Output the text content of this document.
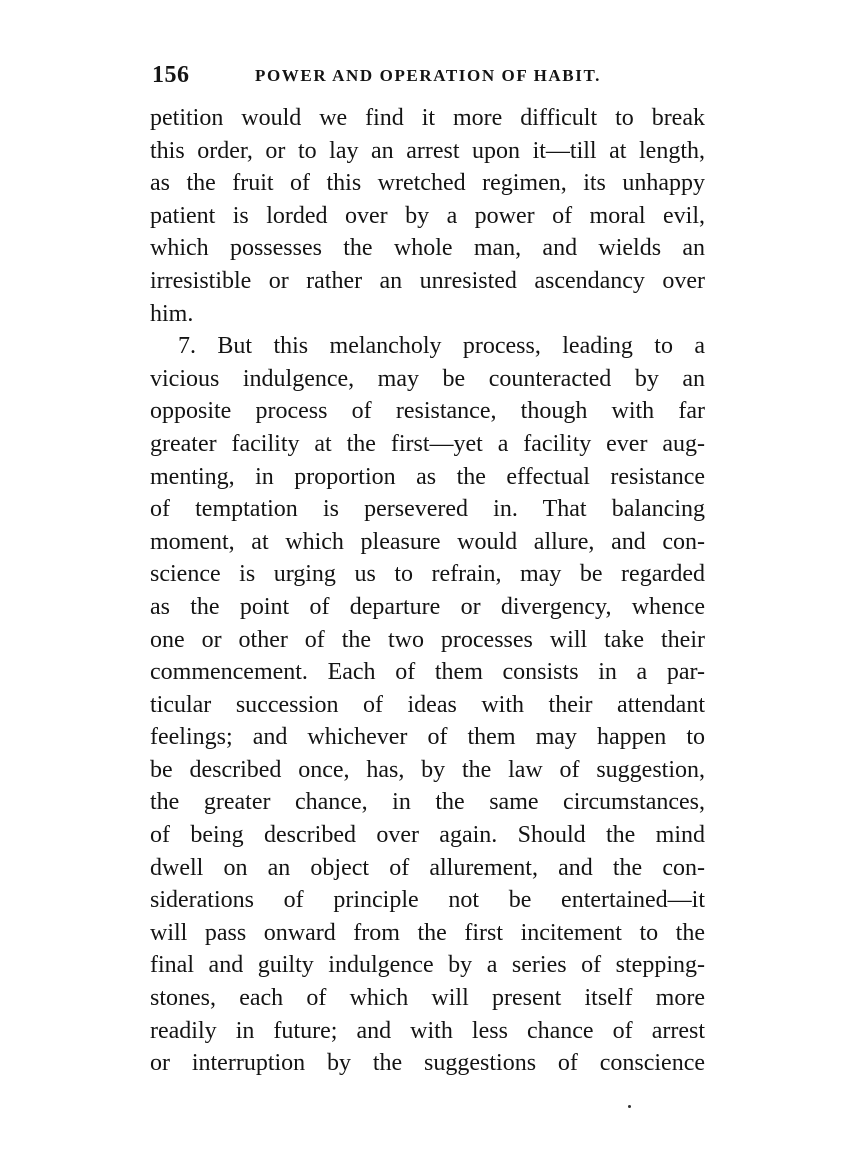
156	POWER AND OPERATION OF HABIT.
petition would we find it more difficult to break
this order, or to lay an arrest upon it—till at length,
as the fruit of this wretched regimen, its unhappy
patient is lorded over by a power of moral evil,
which possesses the whole man, and wields an
irresistible or rather an unresisted ascendancy over
him.
7. But this melancholy process, leading to a
vicious indulgence, may be counteracted by an
opposite process of resistance, though with far
greater facility at the first—yet a facility ever aug-
menting, in proportion as the effectual resistance
of temptation is persevered in. That balancing
moment, at which pleasure would allure, and con-
science is urging us to refrain, may be regarded
as the point of departure or divergency, whence
one or other of the two processes will take their
commencement. Each of them consists in a par-
ticular succession of ideas with their attendant
feelings; and whichever of them may happen to
be described once, has, by the law of suggestion,
the greater chance, in the same circumstances,
of being described over again. Should the mind
dwell on an object of allurement, and the con-
siderations of principle not be entertained—it
will pass onward from the first incitement to the
final and guilty indulgence by a series of stepping-
stones, each of which will present itself more
readily in future; and with less chance of arrest
or interruption by the suggestions of conscience
